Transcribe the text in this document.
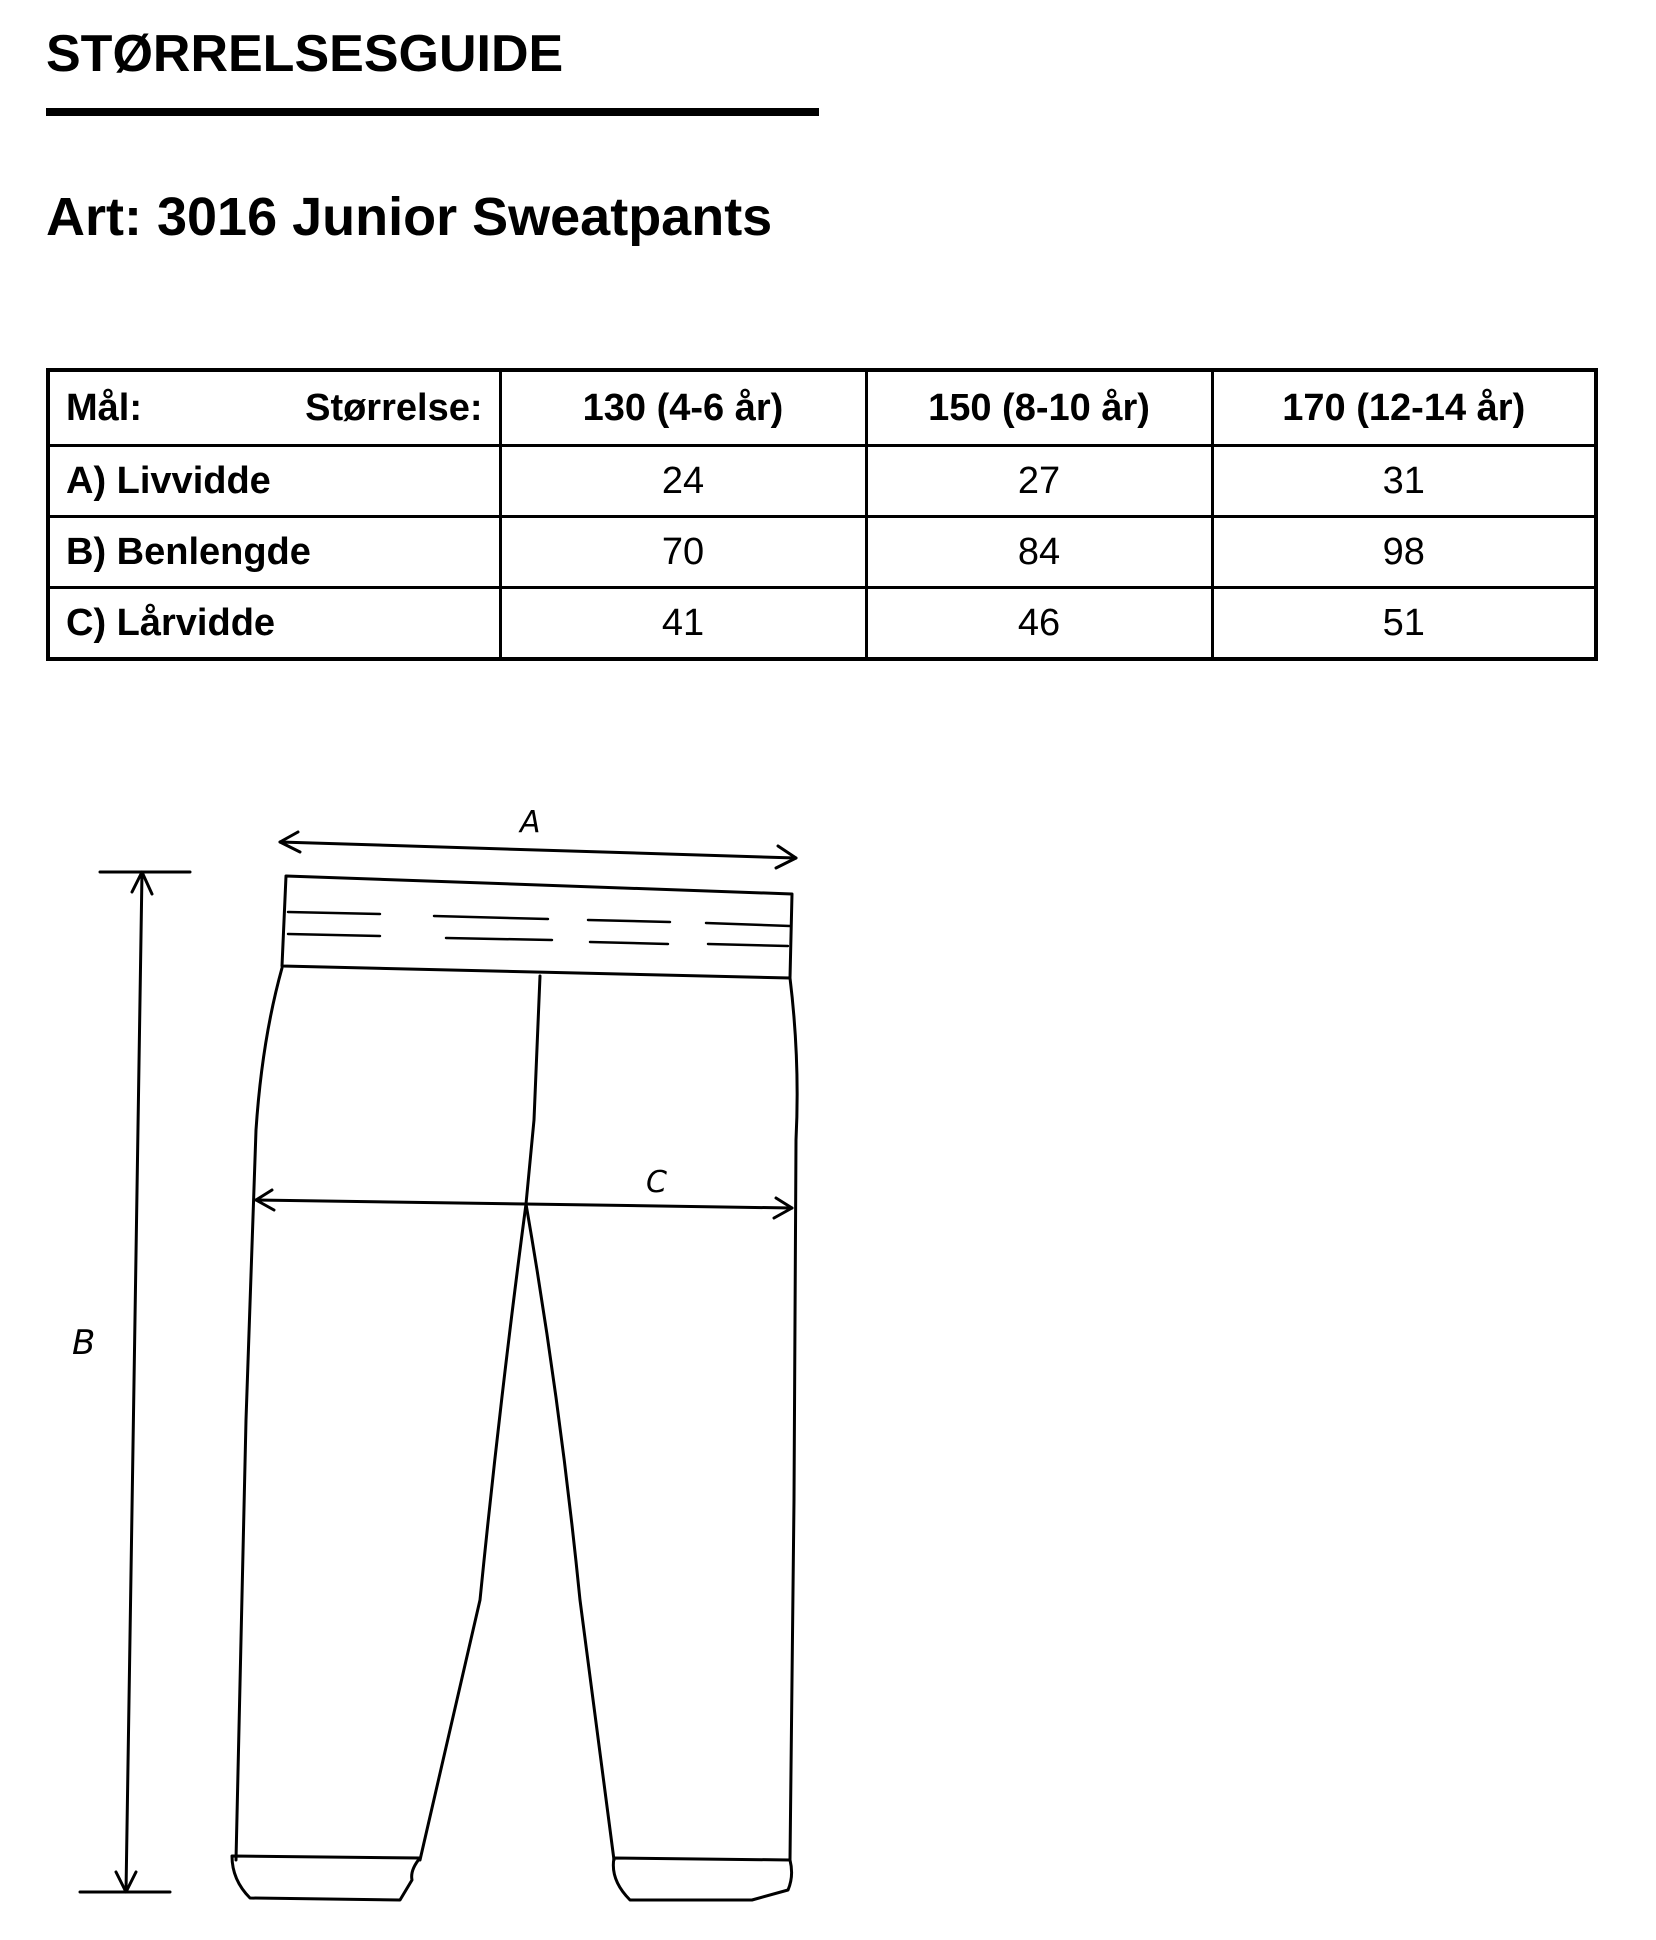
STØRRELSESGUIDE
Art: 3016 Junior Sweatpants
Mål: Størrelse:	130 (4-6 år)	150 (8-10 år)	170 (12-14 år)
A) Livvidde	24	27	31
B) Benlengde	70	84	98
C) Lårvidde	41	46	51
A
C
B
